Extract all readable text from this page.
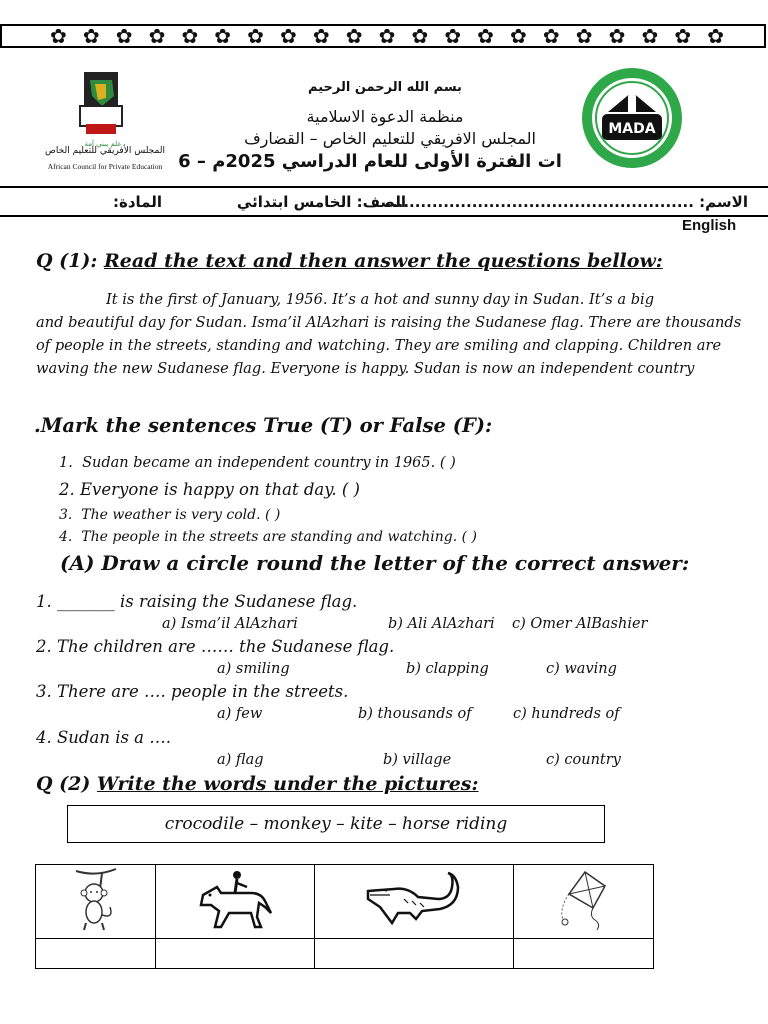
✿ ✿ ✿ ✿ ✿ ✿ ✿ ✿ ✿ ✿ ✿ ✿ ✿ ✿ ✿ ✿ ✿ ✿ ✿ ✿ ✿
علم يبني أمة
المجلس الأفريقي للتعليم الخاص
African Council for Private Education
MADA
بسم الله الرحمن الرحيم
منظمة الدعوة الاسلامية
المجلس الافريقي للتعليم الخاص – القضارف
ات الفترة الأولى للعام الدراسي 2025م – 6
الاسم: ......................................................
الصف: الخامس ابتدائي
المادة:
English
Q (1): Read the text and then answer the questions bellow:
It is the first of January, 1956. It’s a hot and sunny day in Sudan. It’s a big
and beautiful day for Sudan. Isma’il AlAzhari is raising the Sudanese flag. There are thousands of people in the streets, standing and watching. They are smiling and clapping. Children are waving the new Sudanese flag. Everyone is happy. Sudan is now an independent country
.Mark the sentences True (T) or False (F):
1.  Sudan became an independent country in 1965. ( )
2. Everyone is happy on that day. ( )
3.  The weather is very cold. ( )
4.  The people in the streets are standing and watching. ( )
(A) Draw a circle round the letter of the correct answer:
1. _______ is raising the Sudanese flag.
a) Isma’il AlAzhari	b) Ali AlAzhari c) Omer AlBashier
2. The children are …… the Sudanese flag.
a) smiling	b) clapping	c) waving
3. There are …. people in the streets.
a) few	b) thousands of	c) hundreds of
4. Sudan is a ….
a) flag	b) village	c) country
Q (2) Write the words under the pictures:
crocodile – monkey – kite – horse riding
